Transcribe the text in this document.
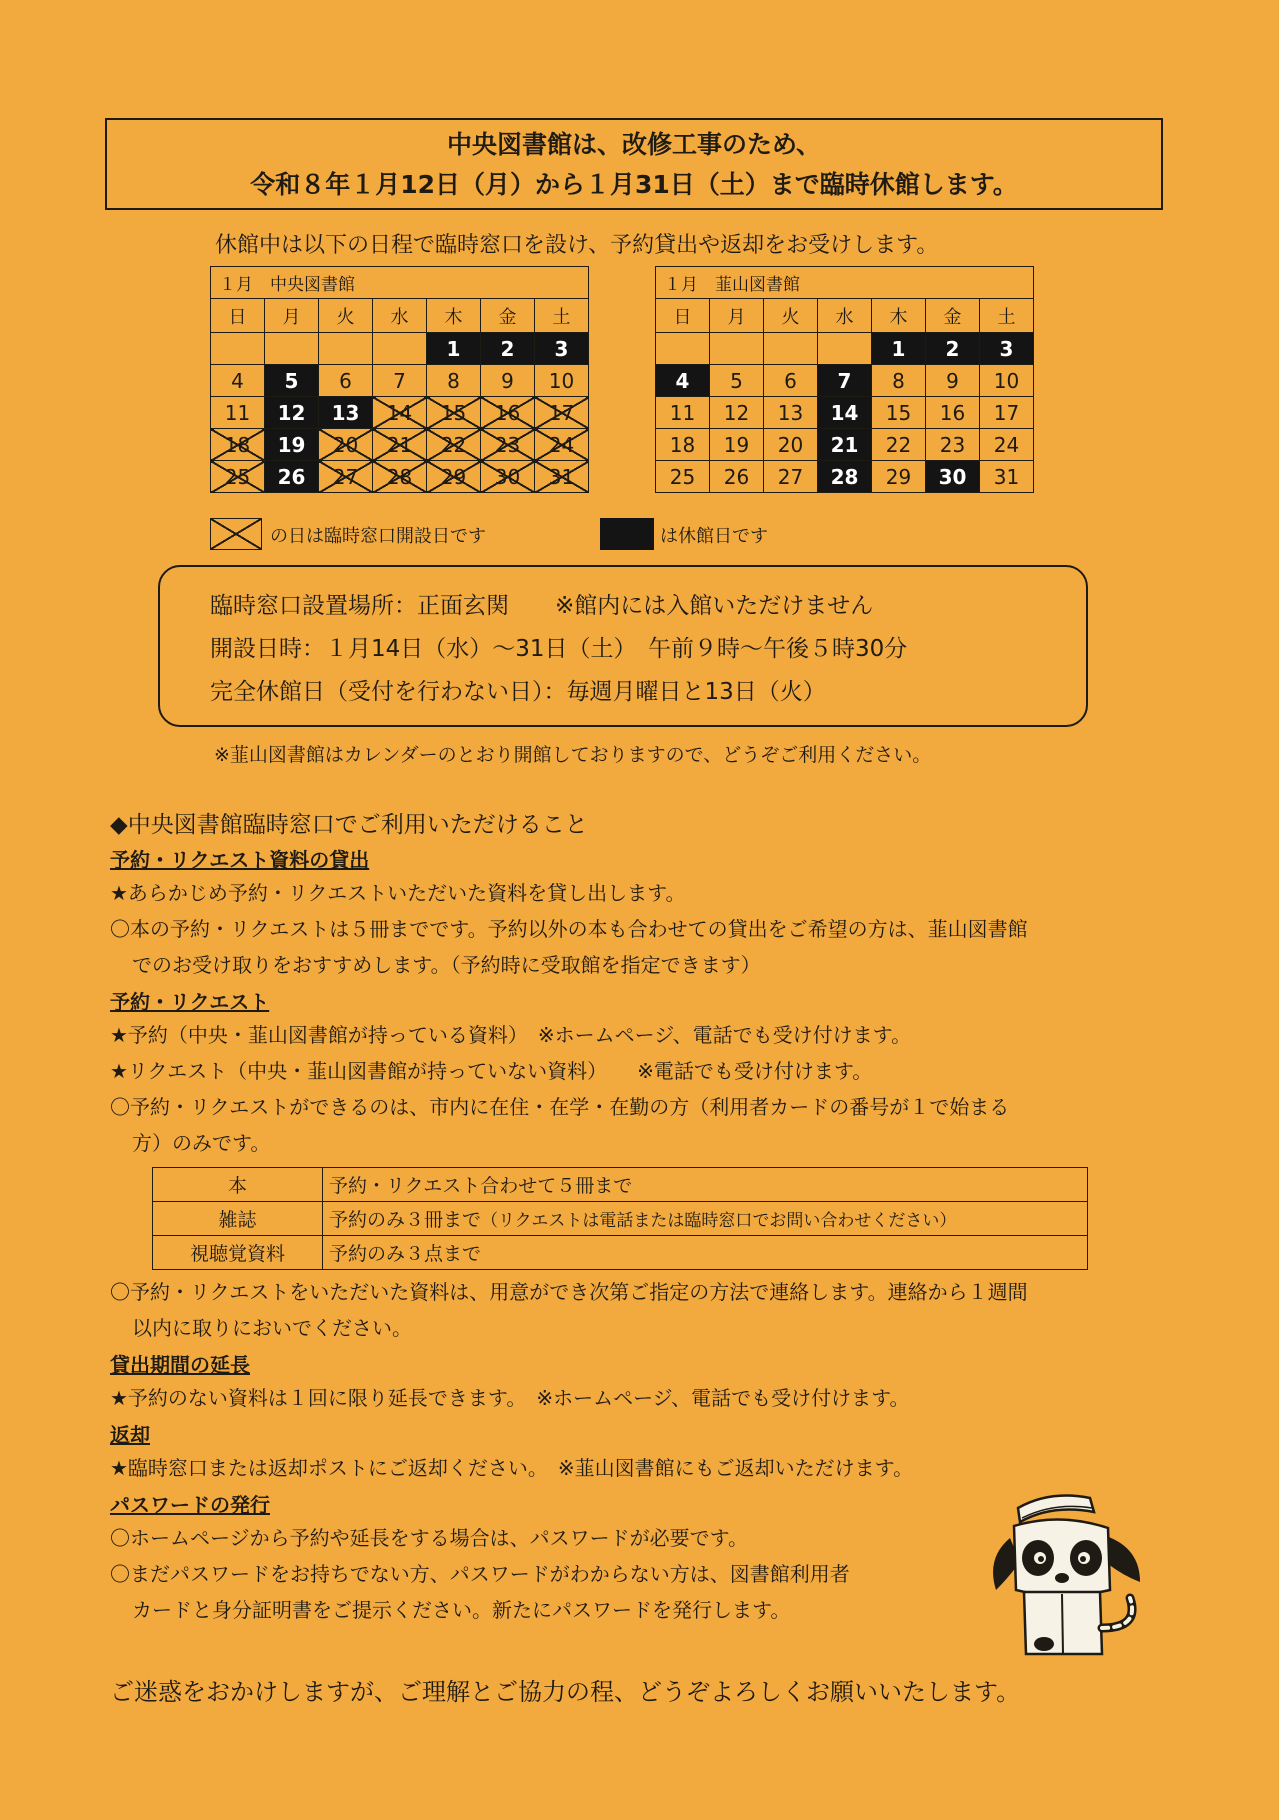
中央図書館は、改修工事のため、
令和８年１月12日（月）から１月31日（土）まで臨時休館します。
休館中は以下の日程で臨時窓口を設け、予約貸出や返却をお受けします。
１月　中央図書館						
日	月	火	水	木	金	土
				1	2	3
4	5	6	7	8	9	10
11	12	13	14	15	16	17
18	19	20	21	22	23	24
25	26	27	28	29	30	31
１月　韮山図書館						
日	月	火	水	木	金	土
				1	2	3
4	5	6	7	8	9	10
11	12	13	14	15	16	17
18	19	20	21	22	23	24
25	26	27	28	29	30	31
の日は臨時窓口開設日です	は休館日です
臨時窓口設置場所：正面玄関　　※館内には入館いただけません
開設日時：１月14日（水）～31日（土）　午前９時～午後５時30分
完全休館日（受付を行わない日）：毎週月曜日と13日（火）
※韮山図書館はカレンダーのとおり開館しておりますので、どうぞご利用ください。
◆中央図書館臨時窓口でご利用いただけること
予約・リクエスト資料の貸出
★あらかじめ予約・リクエストいただいた資料を貸し出します。
〇本の予約・リクエストは５冊までです。予約以外の本も合わせての貸出をご希望の方は、韮山図書館
でのお受け取りをおすすめします。（予約時に受取館を指定できます）
予約・リクエスト
★予約（中央・韮山図書館が持っている資料）　※ホームページ、電話でも受け付けます。
★リクエスト（中央・韮山図書館が持っていない資料）　　※電話でも受け付けます。
〇予約・リクエストができるのは、市内に在住・在学・在勤の方（利用者カードの番号が１で始まる
方）のみです。
本	予約・リクエスト合わせて５冊まで
雑誌	予約のみ３冊まで（リクエストは電話または臨時窓口でお問い合わせください）
視聴覚資料	予約のみ３点まで
〇予約・リクエストをいただいた資料は、用意ができ次第ご指定の方法で連絡します。連絡から１週間
以内に取りにおいでください。
貸出期間の延長
★予約のない資料は１回に限り延長できます。　※ホームページ、電話でも受け付けます。
返却
★臨時窓口または返却ポストにご返却ください。　※韮山図書館にもご返却いただけます。
パスワードの発行
〇ホームページから予約や延長をする場合は、パスワードが必要です。
〇まだパスワードをお持ちでない方、パスワードがわからない方は、図書館利用者
カードと身分証明書をご提示ください。新たにパスワードを発行します。
ご迷惑をおかけしますが、ご理解とご協力の程、どうぞよろしくお願いいたします。
